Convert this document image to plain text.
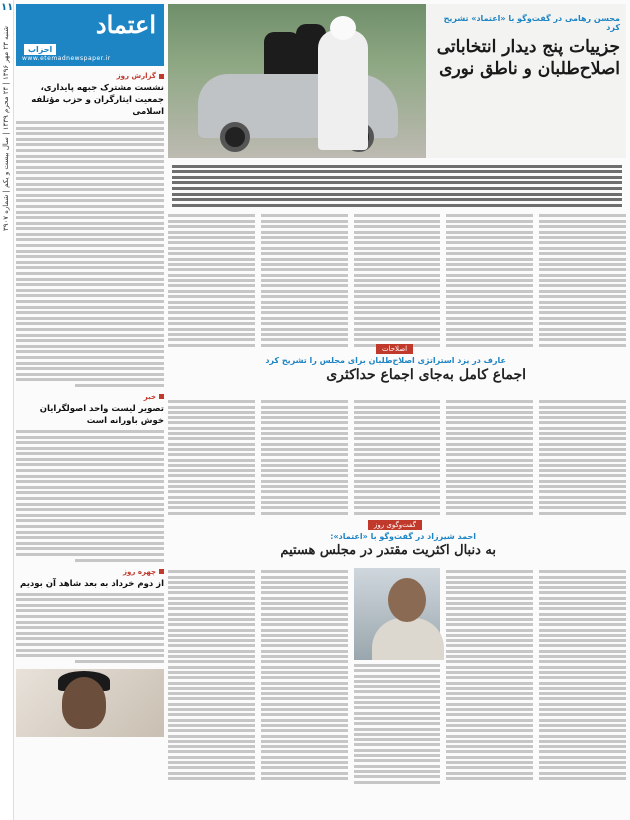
۱۱
شنبه ۲۳ مهر ۱۳۹۶ | ۲۴ محرم ۱۴۳۹ | سال بیست و یکم | شماره ۳۹۰۷	اعتماد
احزاب
www.etemadnewspaper.ir
گزارش روز
نشست مشترک جبهه پایداری، جمعیت ایثارگران و حزب مؤتلفه اسلامی
خبر
تصویر لیست واحد اصولگرایان خوش باورانه است
چهره روز
از دوم خرداد به بعد شاهد آن بودیم
محسن رهامی در گفت‌وگو با «اعتماد» تشریح کرد
جزییات پنج دیدار انتخاباتی اصلاح‌طلبان و ناطق نوری
اصلاحات
عارف در یزد استراتژی اصلاح‌طلبان برای مجلس را تشریح کرد
اجماع کامل به‌جای اجماع حداکثری
گفت‌وگوی روز
احمد شیرزاد در گفت‌وگو با «اعتماد»:
به دنبال اکثریت مقتدر در مجلس هستیم
